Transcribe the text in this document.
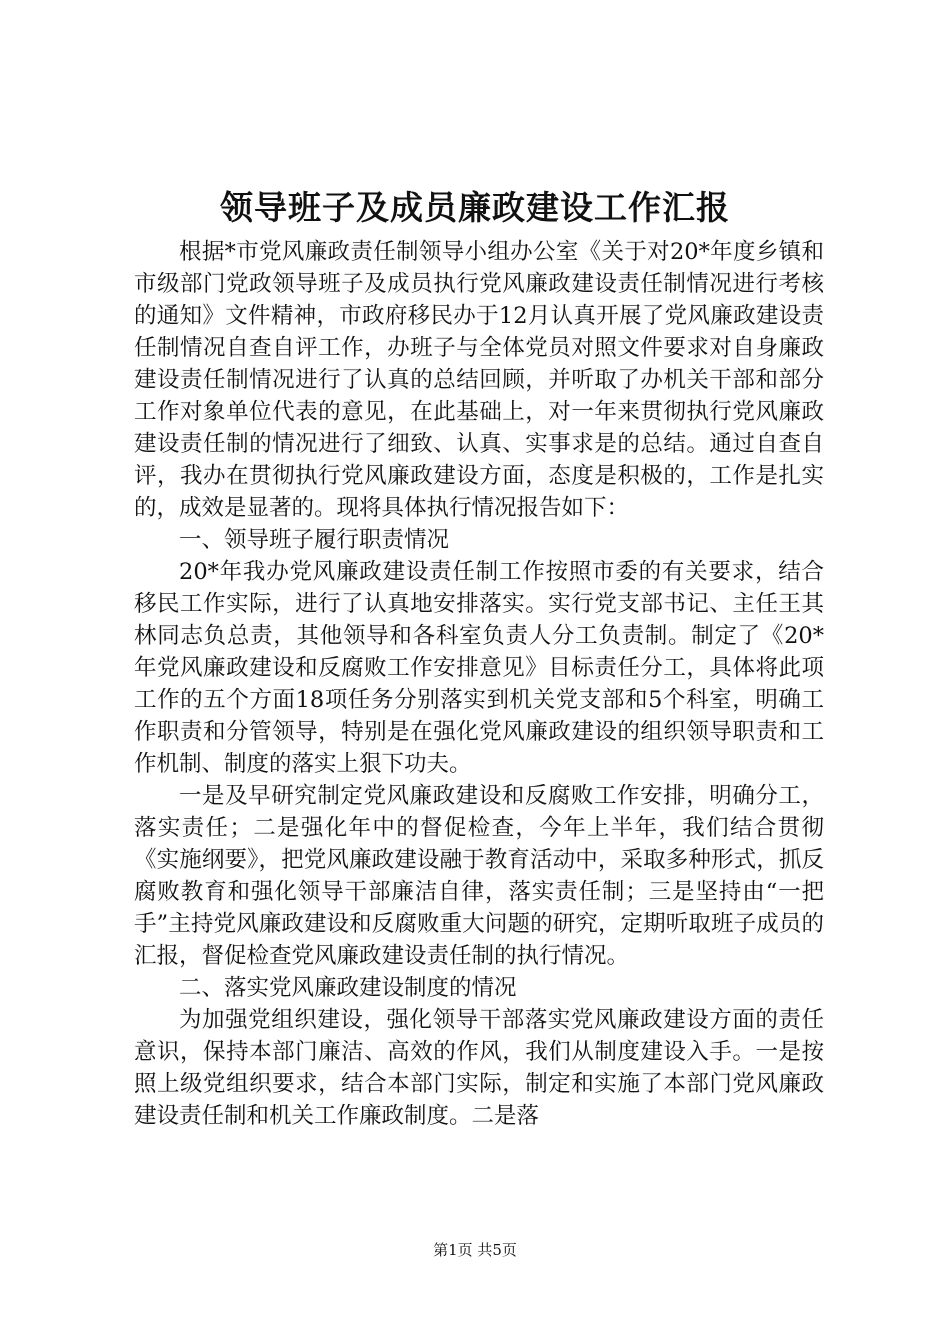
领导班子及成员廉政建设工作汇报

根据*市党风廉政责任制领导小组办公室《关于对20*年度乡镇和市级部门党政领导班子及成员执行党风廉政建设责任制情况进行考核的通知》文件精神，市政府移民办于12月认真开展了党风廉政建设责任制情况自查自评工作，办班子与全体党员对照文件要求对自身廉政建设责任制情况进行了认真的总结回顾，并听取了办机关干部和部分工作对象单位代表的意见，在此基础上，对一年来贯彻执行党风廉政建设责任制的情况进行了细致、认真、实事求是的总结。通过自查自评，我办在贯彻执行党风廉政建设方面，态度是积极的，工作是扎实的，成效是显著的。现将具体执行情况报告如下：

一、领导班子履行职责情况

20*年我办党风廉政建设责任制工作按照市委的有关要求，结合移民工作实际，进行了认真地安排落实。实行党支部书记、主任王其林同志负总责，其他领导和各科室负责人分工负责制。制定了《20*年党风廉政建设和反腐败工作安排意见》目标责任分工，具体将此项工作的五个方面18项任务分别落实到机关党支部和5个科室，明确工作职责和分管领导，特别是在强化党风廉政建设的组织领导职责和工作机制、制度的落实上狠下功夫。

一是及早研究制定党风廉政建设和反腐败工作安排，明确分工，落实责任；二是强化年中的督促检查，今年上半年，我们结合贯彻《实施纲要》，把党风廉政建设融于教育活动中，采取多种形式，抓反腐败教育和强化领导干部廉洁自律，落实责任制；三是坚持由“一把手”主持党风廉政建设和反腐败重大问题的研究，定期听取班子成员的汇报，督促检查党风廉政建设责任制的执行情况。

二、落实党风廉政建设制度的情况

为加强党组织建设，强化领导干部落实党风廉政建设方面的责任意识，保持本部门廉洁、高效的作风，我们从制度建设入手。一是按照上级党组织要求，结合本部门实际，制定和实施了本部门党风廉政建设责任制和机关工作廉政制度。二是落

第1页 共5页
